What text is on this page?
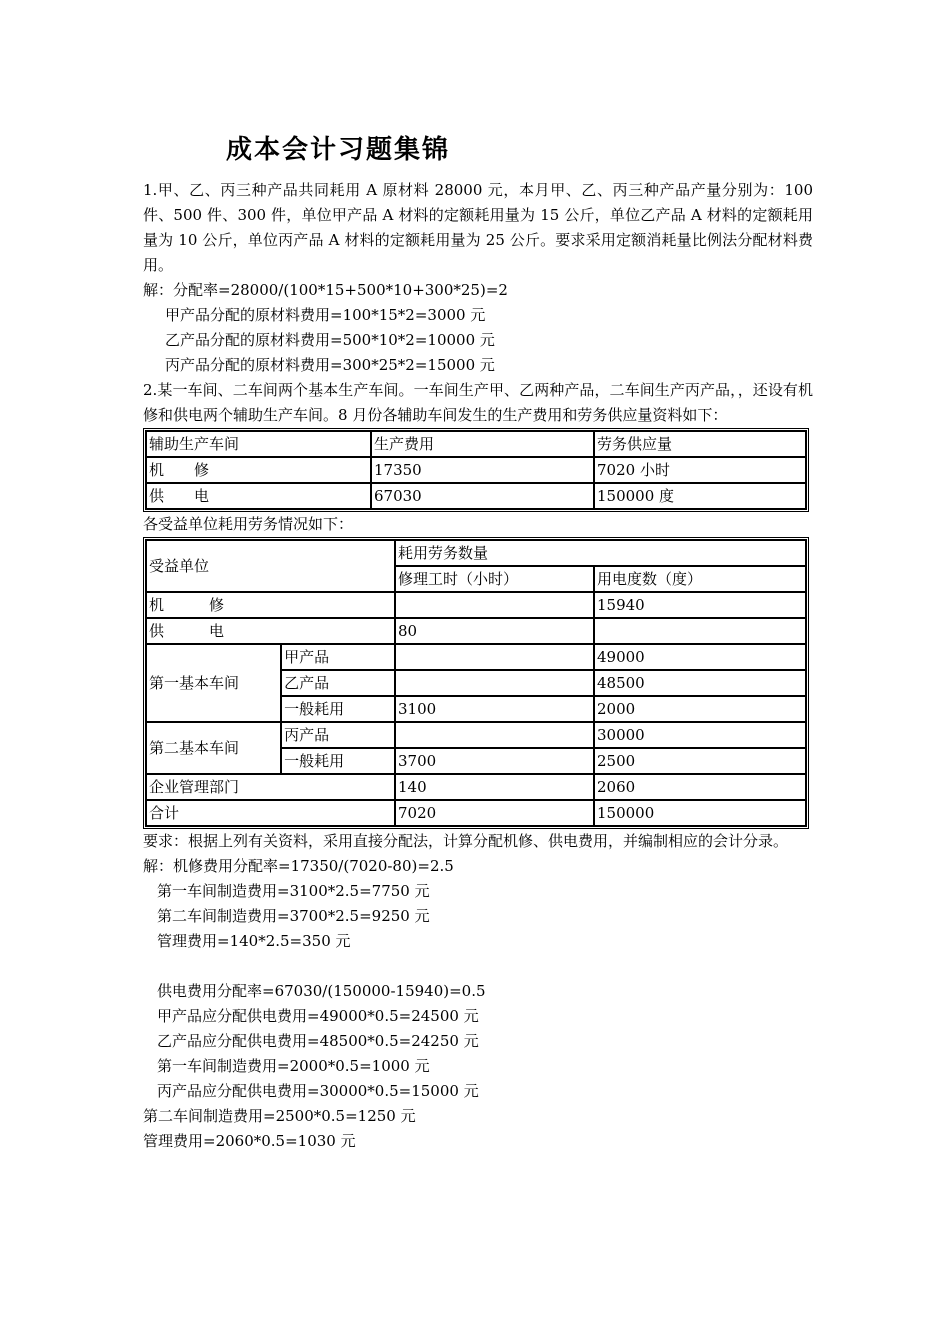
成本会计习题集锦

1.甲、乙、丙三种产品共同耗用 A 原材料 28000 元，本月甲、乙、丙三种产品产量分别为：100 件、500 件、300 件，单位甲产品 A 材料的定额耗用量为 15 公斤，单位乙产品 A 材料的定额耗用量为 10 公斤，单位丙产品 A 材料的定额耗用量为 25 公斤。要求采用定额消耗量比例法分配材料费用。

解：分配率=28000/(100*15+500*10+300*25)=2

甲产品分配的原材料费用=100*15*2=3000 元

乙产品分配的原材料费用=500*10*2=10000 元

丙产品分配的原材料费用=300*25*2=15000 元

2.某一车间、二车间两个基本生产车间。一车间生产甲、乙两种产品，二车间生产丙产品，，还设有机修和供电两个辅助生产车间。8 月份各辅助车间发生的生产费用和劳务供应量资料如下：

辅助生产车间	生产费用	劳务供应量
机　　修	17350	7020 小时
供　　电	67030	150000 度

各受益单位耗用劳务情况如下：

受益单位		耗用劳务数量	
		修理工时（小时）	用电度数（度）
机　　　修			15940
供　　　电		80	
第一基本车间	甲产品		49000
	乙产品		48500
	一般耗用	3100	2000
第二基本车间	丙产品		30000
	一般耗用	3700	2500
企业管理部门		140	2060
合计		7020	150000

要求：根据上列有关资料，采用直接分配法，计算分配机修、供电费用，并编制相应的会计分录。

解：机修费用分配率=17350/(7020-80)=2.5

第一车间制造费用=3100*2.5=7750 元

第二车间制造费用=3700*2.5=9250 元

管理费用=140*2.5=350 元

供电费用分配率=67030/(150000-15940)=0.5

甲产品应分配供电费用=49000*0.5=24500 元

乙产品应分配供电费用=48500*0.5=24250 元

第一车间制造费用=2000*0.5=1000 元

丙产品应分配供电费用=30000*0.5=15000 元

第二车间制造费用=2500*0.5=1250 元

管理费用=2060*0.5=1030 元
